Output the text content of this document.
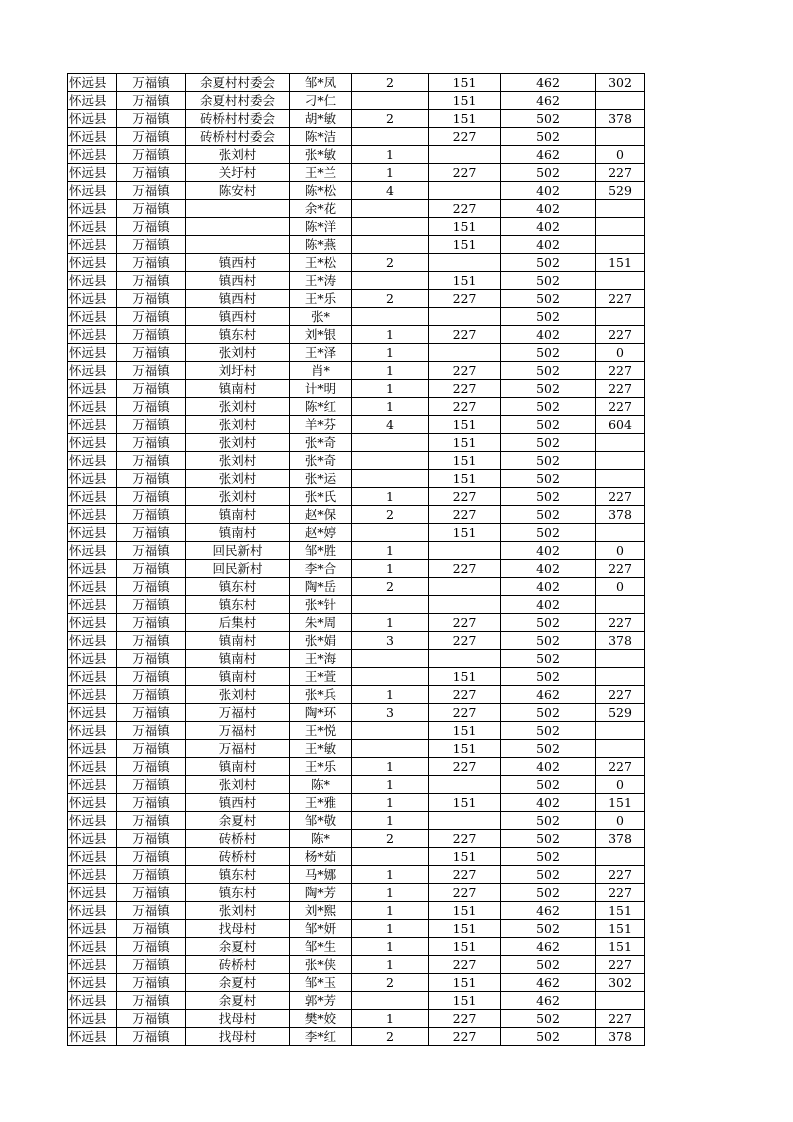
怀远县	万福镇	余夏村村委会	邹*凤	2	151	462	302
怀远县	万福镇	余夏村村委会	刁*仁		151	462	
怀远县	万福镇	砖桥村村委会	胡*敏	2	151	502	378
怀远县	万福镇	砖桥村村委会	陈*洁		227	502	
怀远县	万福镇	张刘村	张*敏	1		462	0
怀远县	万福镇	关圩村	王*兰	1	227	502	227
怀远县	万福镇	陈安村	陈*松	4		402	529
怀远县	万福镇		余*花		227	402	
怀远县	万福镇		陈*洋		151	402	
怀远县	万福镇		陈*燕		151	402	
怀远县	万福镇	镇西村	王*松	2		502	151
怀远县	万福镇	镇西村	王*涛		151	502	
怀远县	万福镇	镇西村	王*乐	2	227	502	227
怀远县	万福镇	镇西村	张*			502	
怀远县	万福镇	镇东村	刘*银	1	227	402	227
怀远县	万福镇	张刘村	王*泽	1		502	0
怀远县	万福镇	刘圩村	肖*	1	227	502	227
怀远县	万福镇	镇南村	计*明	1	227	502	227
怀远县	万福镇	张刘村	陈*红	1	227	502	227
怀远县	万福镇	张刘村	羊*芬	4	151	502	604
怀远县	万福镇	张刘村	张*奇		151	502	
怀远县	万福镇	张刘村	张*奇		151	502	
怀远县	万福镇	张刘村	张*运		151	502	
怀远县	万福镇	张刘村	张*氏	1	227	502	227
怀远县	万福镇	镇南村	赵*保	2	227	502	378
怀远县	万福镇	镇南村	赵*婷		151	502	
怀远县	万福镇	回民新村	邹*胜	1		402	0
怀远县	万福镇	回民新村	李*合	1	227	402	227
怀远县	万福镇	镇东村	陶*岳	2		402	0
怀远县	万福镇	镇东村	张*针			402	
怀远县	万福镇	后集村	朱*周	1	227	502	227
怀远县	万福镇	镇南村	张*娟	3	227	502	378
怀远县	万福镇	镇南村	王*海			502	
怀远县	万福镇	镇南村	王*萱		151	502	
怀远县	万福镇	张刘村	张*兵	1	227	462	227
怀远县	万福镇	万福村	陶*环	3	227	502	529
怀远县	万福镇	万福村	王*悦		151	502	
怀远县	万福镇	万福村	王*敏		151	502	
怀远县	万福镇	镇南村	王*乐	1	227	402	227
怀远县	万福镇	张刘村	陈*	1		502	0
怀远县	万福镇	镇西村	王*雅	1	151	402	151
怀远县	万福镇	余夏村	邹*敬	1		502	0
怀远县	万福镇	砖桥村	陈*	2	227	502	378
怀远县	万福镇	砖桥村	杨*茹		151	502	
怀远县	万福镇	镇东村	马*娜	1	227	502	227
怀远县	万福镇	镇东村	陶*芳	1	227	502	227
怀远县	万福镇	张刘村	刘*熙	1	151	462	151
怀远县	万福镇	找母村	邹*妍	1	151	502	151
怀远县	万福镇	余夏村	邹*生	1	151	462	151
怀远县	万福镇	砖桥村	张*侠	1	227	502	227
怀远县	万福镇	余夏村	邹*玉	2	151	462	302
怀远县	万福镇	余夏村	郭*芳		151	462	
怀远县	万福镇	找母村	樊*姣	1	227	502	227
怀远县	万福镇	找母村	李*红	2	227	502	378
